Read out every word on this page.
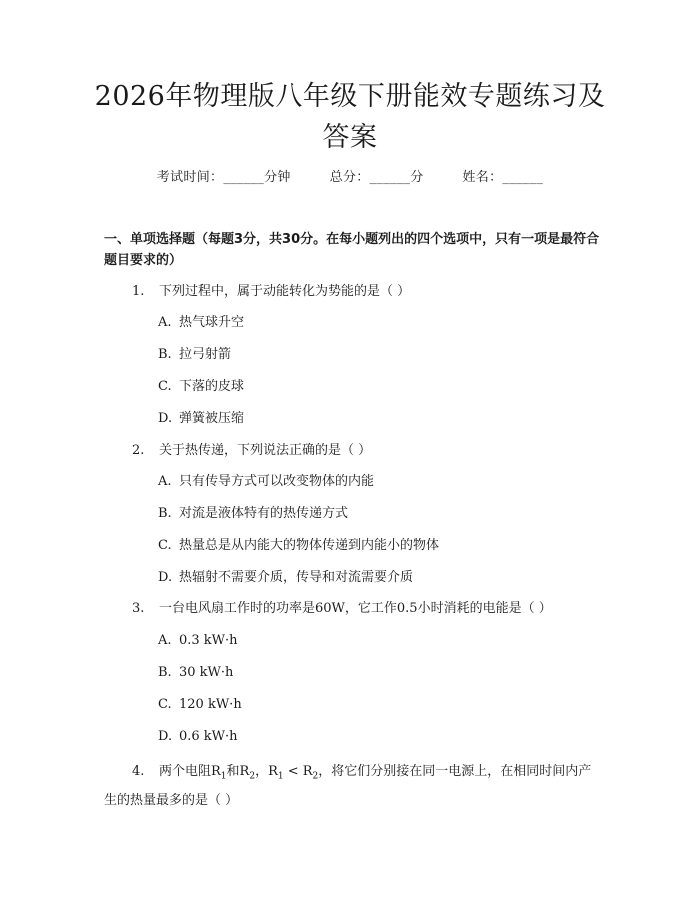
2026年物理版八年级下册能效专题练习及答案
考试时间：______分钟	总分：______分	姓名：______
一、单项选择题（每题3分，共30分。在每小题列出的四个选项中，只有一项是最符合题目要求的）
1. 下列过程中，属于动能转化为势能的是（ ）
A. 热气球升空
B. 拉弓射箭
C. 下落的皮球
D. 弹簧被压缩
2. 关于热传递，下列说法正确的是（ ）
A. 只有传导方式可以改变物体的内能
B. 对流是液体特有的热传递方式
C. 热量总是从内能大的物体传递到内能小的物体
D. 热辐射不需要介质，传导和对流需要介质
3. 一台电风扇工作时的功率是60W，它工作0.5小时消耗的电能是（ ）
A. 0.3 kW·h
B. 30 kW·h
C. 120 kW·h
D. 0.6 kW·h
4. 两个电阻$R_1$和$R_2$，$R_1 < R_2$，将它们分别接在同一电源上，在相同时间内产生的热量最多的是（ ）
